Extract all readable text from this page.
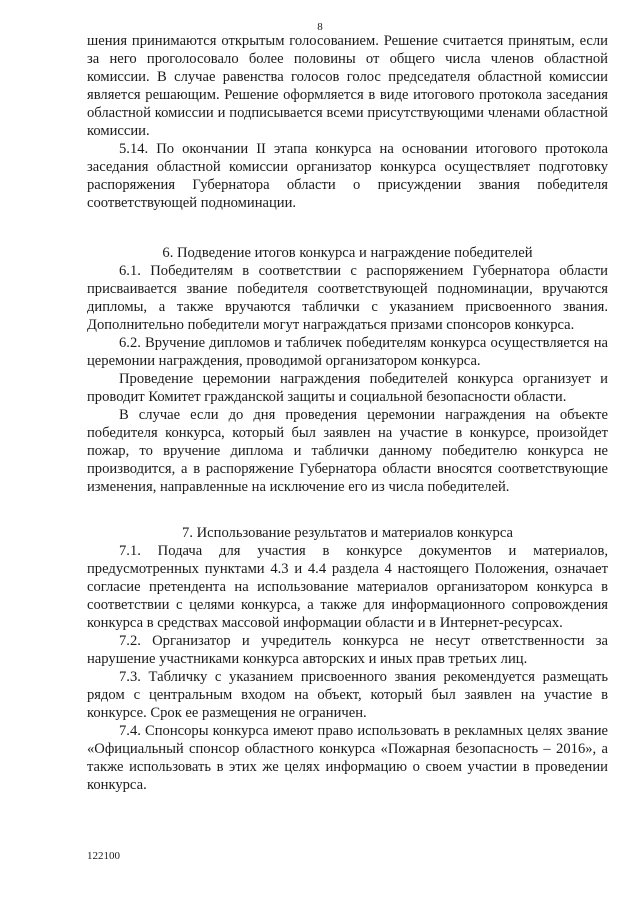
8

шения принимаются открытым голосованием. Решение считается принятым, если за него проголосовало более половины от общего числа членов областной комиссии. В случае равенства голосов голос председателя областной комиссии является решающим. Решение оформляется в виде итогового протокола заседания областной комиссии и подписывается всеми присутствующими членами областной комиссии.

5.14. По окончании II этапа конкурса на основании итогового протокола заседания областной комиссии организатор конкурса осуществляет подготовку распоряжения Губернатора области о присуждении звания победителя соответствующей подноминации.

6. Подведение итогов конкурса и награждение победителей

6.1. Победителям в соответствии с распоряжением Губернатора области присваивается звание победителя соответствующей подноминации, вручаются дипломы, а также вручаются таблички с указанием присвоенного звания. Дополнительно победители могут награждаться призами спонсоров конкурса.

6.2. Вручение дипломов и табличек победителям конкурса осуществляется на церемонии награждения, проводимой организатором конкурса.

Проведение церемонии награждения победителей конкурса организует и проводит Комитет гражданской защиты и социальной безопасности области.

В случае если до дня проведения церемонии награждения на объекте победителя конкурса, который был заявлен на участие в конкурсе, произойдет пожар, то вручение диплома и таблички данному победителю конкурса не производится, а в распоряжение Губернатора области вносятся соответствующие изменения, направленные на исключение его из числа победителей.

7. Использование результатов и материалов конкурса

7.1. Подача для участия в конкурсе документов и материалов, предусмотренных пунктами 4.3 и 4.4 раздела 4 настоящего Положения, означает согласие претендента на использование материалов организатором конкурса в соответствии с целями конкурса, а также для информационного сопровождения конкурса в средствах массовой информации области и в Интернет-ресурсах.

7.2. Организатор и учредитель конкурса не несут ответственности за нарушение участниками конкурса авторских и иных прав третьих лиц.

7.3. Табличку с указанием присвоенного звания рекомендуется размещать рядом с центральным входом на объект, который был заявлен на участие в конкурсе. Срок ее размещения не ограничен.

7.4. Спонсоры конкурса имеют право использовать в рекламных целях звание «Официальный спонсор областного конкурса «Пожарная безопасность – 2016», а также использовать в этих же целях информацию о своем участии в проведении конкурса.

122100
